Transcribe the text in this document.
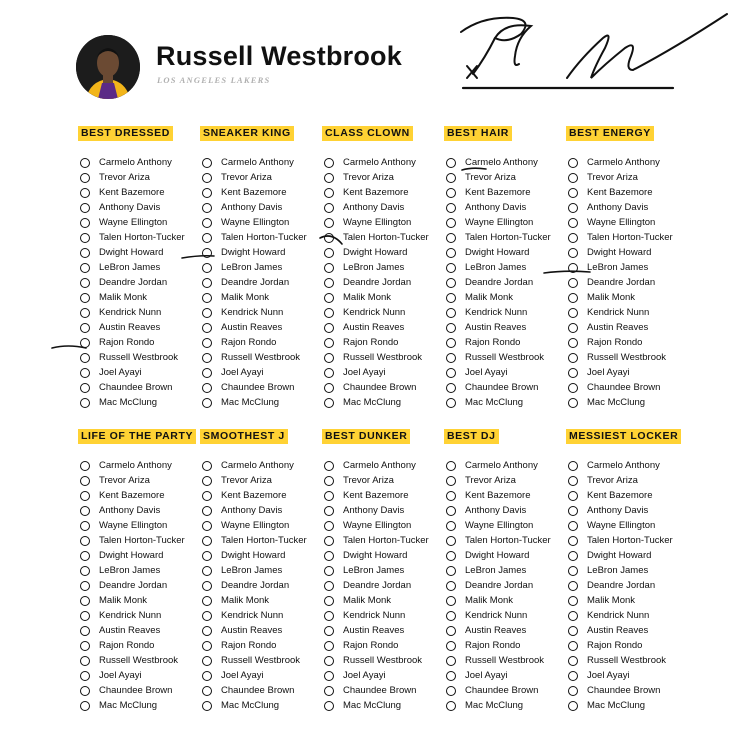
Russell Westbrook
LOS ANGELES LAKERS
BEST DRESSED
Carmelo Anthony
Trevor Ariza
Kent Bazemore
Anthony Davis
Wayne Ellington
Talen Horton-Tucker
Dwight Howard
LeBron James
Deandre Jordan
Malik Monk
Kendrick Nunn
Austin Reaves
Rajon Rondo
Russell Westbrook
Joel Ayayi
Chaundee Brown
Mac McClung
SNEAKER KING
Carmelo Anthony
Trevor Ariza
Kent Bazemore
Anthony Davis
Wayne Ellington
Talen Horton-Tucker
Dwight Howard
LeBron James
Deandre Jordan
Malik Monk
Kendrick Nunn
Austin Reaves
Rajon Rondo
Russell Westbrook
Joel Ayayi
Chaundee Brown
Mac McClung
CLASS CLOWN
Carmelo Anthony
Trevor Ariza
Kent Bazemore
Anthony Davis
Wayne Ellington
Talen Horton-Tucker
Dwight Howard
LeBron James
Deandre Jordan
Malik Monk
Kendrick Nunn
Austin Reaves
Rajon Rondo
Russell Westbrook
Joel Ayayi
Chaundee Brown
Mac McClung
BEST HAIR
Carmelo Anthony
Trevor Ariza
Kent Bazemore
Anthony Davis
Wayne Ellington
Talen Horton-Tucker
Dwight Howard
LeBron James
Deandre Jordan
Malik Monk
Kendrick Nunn
Austin Reaves
Rajon Rondo
Russell Westbrook
Joel Ayayi
Chaundee Brown
Mac McClung
BEST ENERGY
Carmelo Anthony
Trevor Ariza
Kent Bazemore
Anthony Davis
Wayne Ellington
Talen Horton-Tucker
Dwight Howard
LeBron James
Deandre Jordan
Malik Monk
Kendrick Nunn
Austin Reaves
Rajon Rondo
Russell Westbrook
Joel Ayayi
Chaundee Brown
Mac McClung
LIFE OF THE PARTY
Carmelo Anthony
Trevor Ariza
Kent Bazemore
Anthony Davis
Wayne Ellington
Talen Horton-Tucker
Dwight Howard
LeBron James
Deandre Jordan
Malik Monk
Kendrick Nunn
Austin Reaves
Rajon Rondo
Russell Westbrook
Joel Ayayi
Chaundee Brown
Mac McClung
SMOOTHEST J
Carmelo Anthony
Trevor Ariza
Kent Bazemore
Anthony Davis
Wayne Ellington
Talen Horton-Tucker
Dwight Howard
LeBron James
Deandre Jordan
Malik Monk
Kendrick Nunn
Austin Reaves
Rajon Rondo
Russell Westbrook
Joel Ayayi
Chaundee Brown
Mac McClung
BEST DUNKER
Carmelo Anthony
Trevor Ariza
Kent Bazemore
Anthony Davis
Wayne Ellington
Talen Horton-Tucker
Dwight Howard
LeBron James
Deandre Jordan
Malik Monk
Kendrick Nunn
Austin Reaves
Rajon Rondo
Russell Westbrook
Joel Ayayi
Chaundee Brown
Mac McClung
BEST DJ
Carmelo Anthony
Trevor Ariza
Kent Bazemore
Anthony Davis
Wayne Ellington
Talen Horton-Tucker
Dwight Howard
LeBron James
Deandre Jordan
Malik Monk
Kendrick Nunn
Austin Reaves
Rajon Rondo
Russell Westbrook
Joel Ayayi
Chaundee Brown
Mac McClung
MESSIEST LOCKER
Carmelo Anthony
Trevor Ariza
Kent Bazemore
Anthony Davis
Wayne Ellington
Talen Horton-Tucker
Dwight Howard
LeBron James
Deandre Jordan
Malik Monk
Kendrick Nunn
Austin Reaves
Rajon Rondo
Russell Westbrook
Joel Ayayi
Chaundee Brown
Mac McClung
